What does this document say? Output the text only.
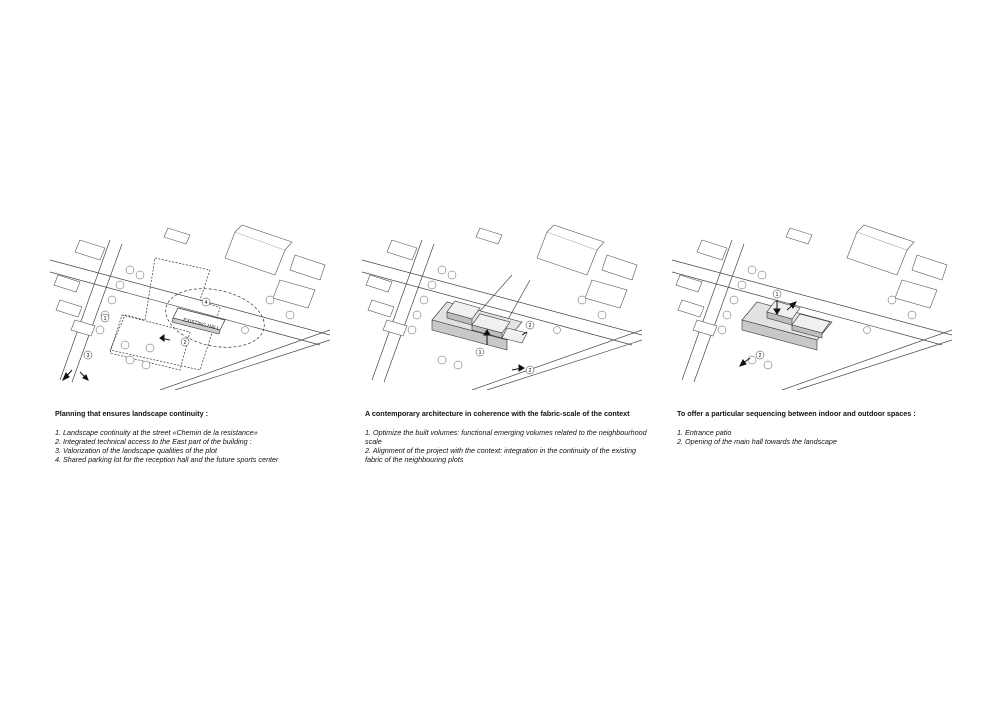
EXISTING HALL
1
2
3
4
Planning that ensures landscape continuity :
1. Landscape continuity at the street «Chemin de la resistance»
2. Integrated technical access to the East part of the building :
3. Valorization of the landscape qualities of the plot
4. Shared parking lot for the reception hall and the future sports center
1
2
2
A contemporary architecture in coherence with the fabric-scale of the context
1. Optimize the built volumes: functional emerging volumes related to the neighbourhood scale
2. Alignment of the project with the context: integration in the continuity of the existing fabric of the neighbouring plots
1
2
To offer a particular sequencing between indoor and outdoor spaces :
1. Entrance patio
2. Opening of the main hall towards the landscape
